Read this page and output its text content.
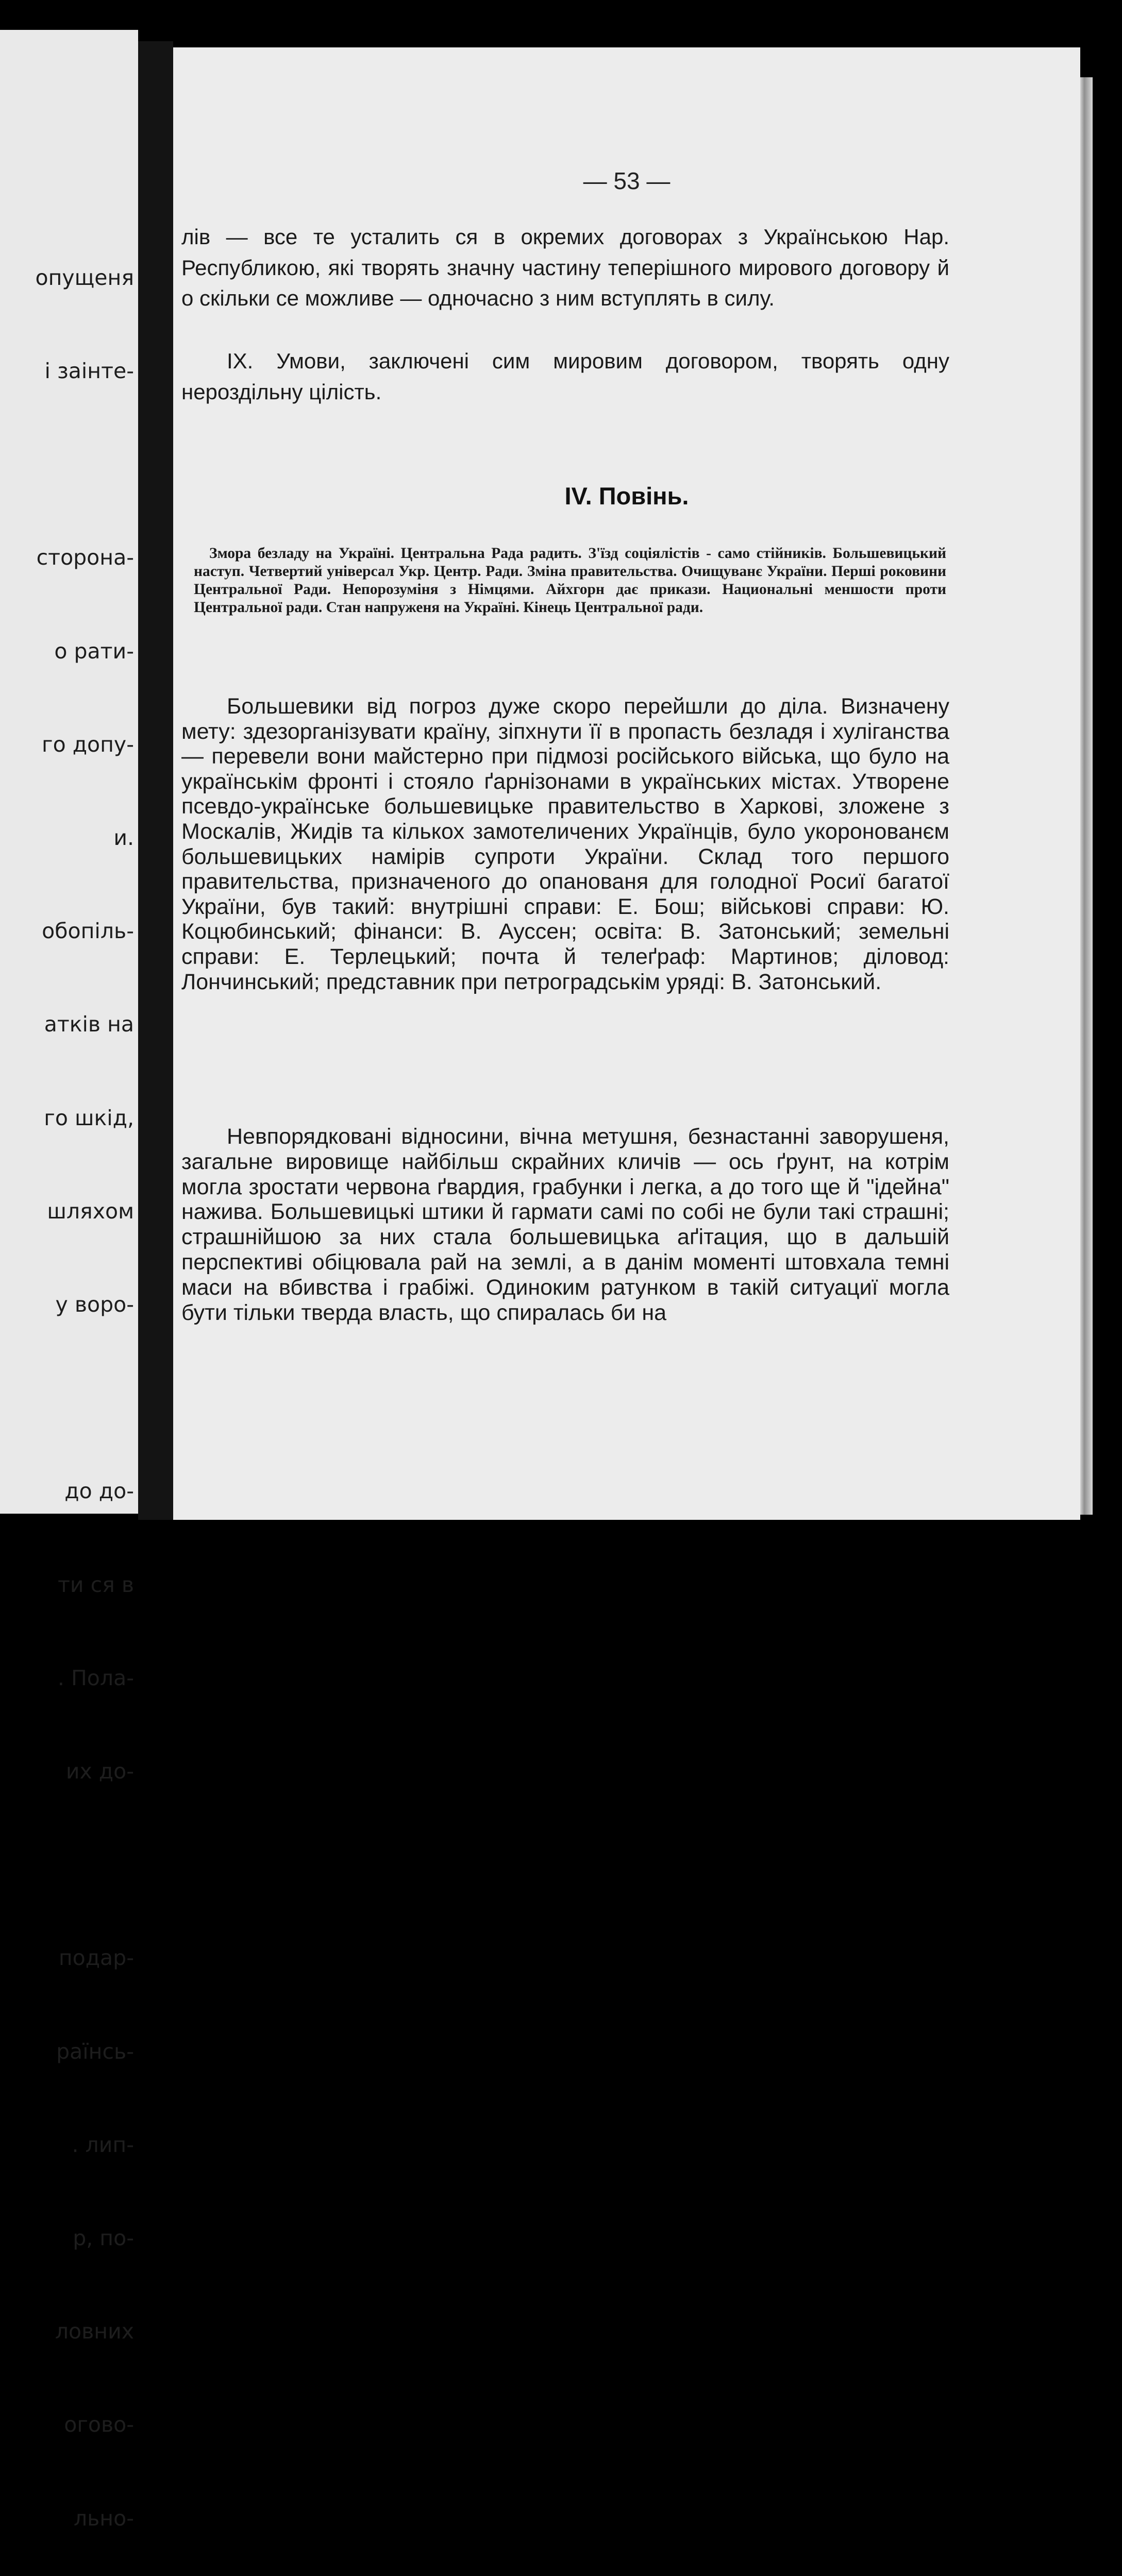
опущеня

і заінте-

сторона-

о рати-

го допу-

и.

обопіль-

атків на

го шкід,

шляхом

у воро-

до до-

ти ся в

. Пола-

их до-

подар-

раїнсь-

. лип-

р, по-

ловних

огово-

льно-

— 53 —

лів — все те усталить ся в окремих договорах з Українською Нар. Республикою, які творять значну частину теперішного мирового договору й о скільки се можливе — одночасно з ним вступлять в силу.

ІХ. Умови, заключені сим мировим договором, творять одну нероздільну цілість.

IV. Повінь.

Змора безладу на Україні. Центральна Рада радить. З'їзд соціялістів - само стійників. Большевицький наступ. Четвертий універсал Укр. Центр. Ради. Зміна правительства. Очищуванє України. Перші роковини Центральної Ради. Непорозуміня з Німцями. Айхгорн дає прикази. Национальні меншости проти Центральної ради. Стан напруженя на Україні. Кінець Центральної ради.

Большевики від погроз дуже скоро перейшли до діла. Визначену мету: здезорганізувати країну, зіпхнути її в пропасть безладя і хуліганства — перевели вони майстерно при підмозі російського війська, що було на українськім фронті і стояло ґарнізонами в українських містах. Утворене псевдо-українське большевицьке правительство в Харкові, зложене з Москалів, Жидів та кількох замотеличених Українців, було укоронованєм большевицьких намірів супроти України. Склад того першого правительства, призначеного до опанованя для голодної Росиї багатої України, був такий: внутрішні справи: Е. Бош; військові справи: Ю. Коцюбинський; фінанси: В. Аусcен; освіта: В. Затонський; земельні справи: Е. Терлецький; почта й телеґраф: Мартинов; діловод: Лончинський; представник при петроградськім уряді: В. Затонський.

Невпорядковані відносини, вічна метушня, безнастанні заворушеня, загальне вировище найбільш скрайних кличів — ось ґрунт, на котрім могла зростати червона ґвардия, грабунки і легка, а до того ще й "ідейна" нажива. Большевицькі штики й гармати самі по собі не були такі страшні; страшнійшою за них стала большевицька аґітация, що в дальшій перспективі обіцювала рай на землі, а в данім моменті штовхала темні маси на вбивства і грабіжі. Одиноким ратунком в такій ситуациї могла бути тільки тверда власть, що спиралась би на
